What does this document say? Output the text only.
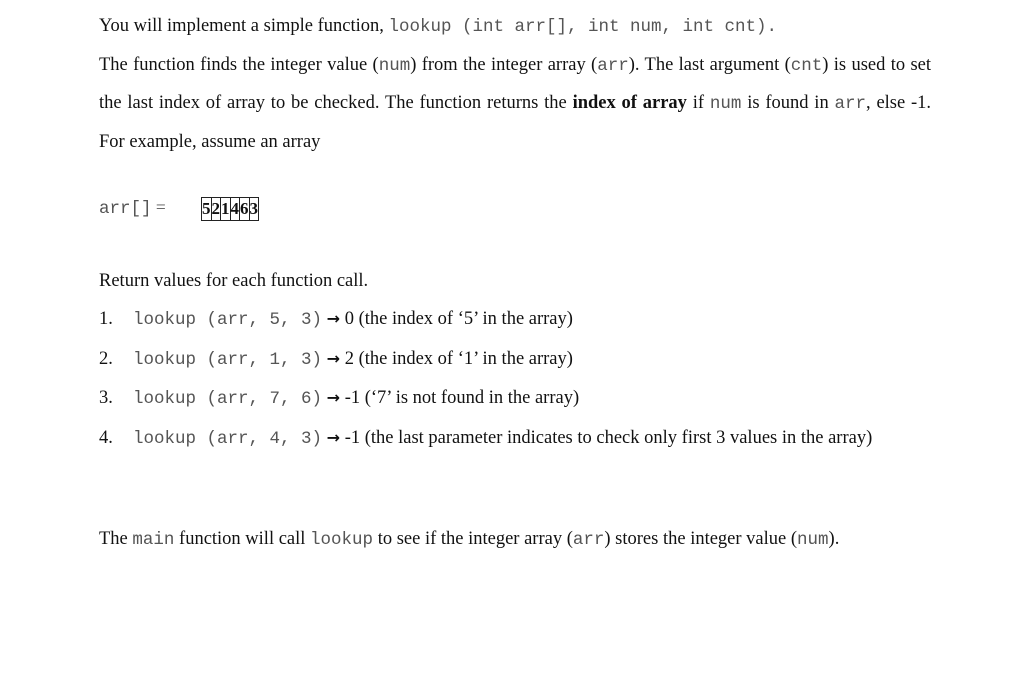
You will implement a simple function, lookup (int arr[], int num, int cnt).

The function finds the integer value (num) from the integer array (arr). The last argument (cnt) is used to set the last index of array to be checked. The function returns the index of array if num is found in arr, else -1. For example, assume an array

arr[] = 5	2	1	4	6	3
Return values for each function call.
1.	lookup (arr, 5, 3) → 0 (the index of ‘5’ in the array)
2.	lookup (arr, 1, 3) → 2 (the index of ‘1’ in the array)
3.	lookup (arr, 7, 6) → -1 (‘7’ is not found in the array)
4.	lookup (arr, 4, 3) → -1 (the last parameter indicates to check only first 3 values in the array)

The main function will call lookup to see if the integer array (arr) stores the integer value (num).
